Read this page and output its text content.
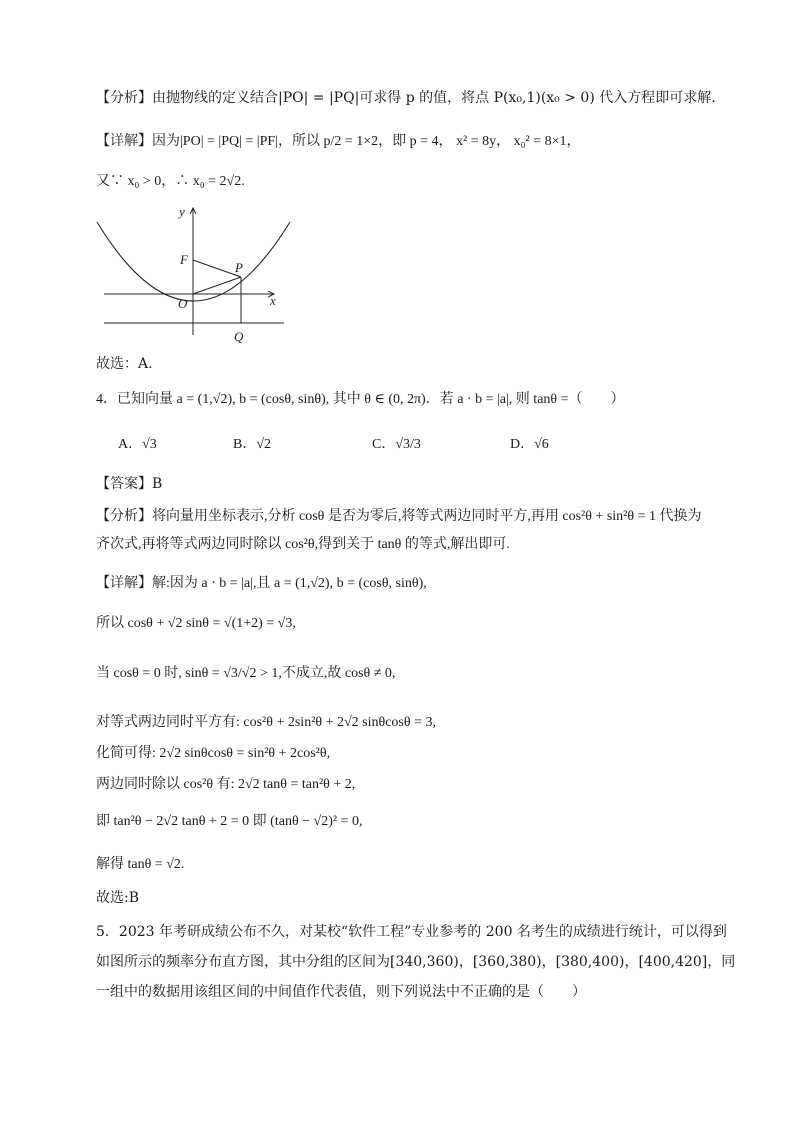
【分析】由抛物线的定义结合|PO| = |PQ|可求得 p 的值，将点 P(x₀,1)(x₀ > 0) 代入方程即可求解.
【详解】因为|PO| = |PQ| = |PF|，所以 p/2 = 1×2，即 p = 4， x² = 8y， x₀² = 8×1，
又∵ x₀ > 0，∴ x₀ = 2√2.
y
x
F
P
O
Q
故选：A.
4．已知向量 a = (1,√2), b = (cosθ, sinθ), 其中 θ ∈ (0, 2π)．若 a · b = |a|, 则 tanθ =（　　）
A．√3	B．√2	C．√3/3	D．√6
【答案】B
【分析】将向量用坐标表示,分析 cosθ 是否为零后,将等式两边同时平方,再用 cos²θ + sin²θ = 1 代换为
齐次式,再将等式两边同时除以 cos²θ,得到关于 tanθ 的等式,解出即可.
【详解】解:因为 a · b = |a|,且 a = (1,√2), b = (cosθ, sinθ),
所以 cosθ + √2 sinθ = √(1+2) = √3,
当 cosθ = 0 时, sinθ = √3/√2 > 1,不成立,故 cosθ ≠ 0,
对等式两边同时平方有: cos²θ + 2sin²θ + 2√2 sinθcosθ = 3,
化简可得: 2√2 sinθcosθ = sin²θ + 2cos²θ,
两边同时除以 cos²θ 有: 2√2 tanθ = tan²θ + 2,
即 tan²θ − 2√2 tanθ + 2 = 0 即 (tanθ − √2)² = 0,
解得 tanθ = √2.
故选:B
5．2023 年考研成绩公布不久，对某校“软件工程”专业参考的 200 名考生的成绩进行统计，可以得到如图所示的频率分布直方图，其中分组的区间为[340,360)，[360,380)，[380,400)，[400,420]，同一组中的数据用该组区间的中间值作代表值，则下列说法中不正确的是（　　）
